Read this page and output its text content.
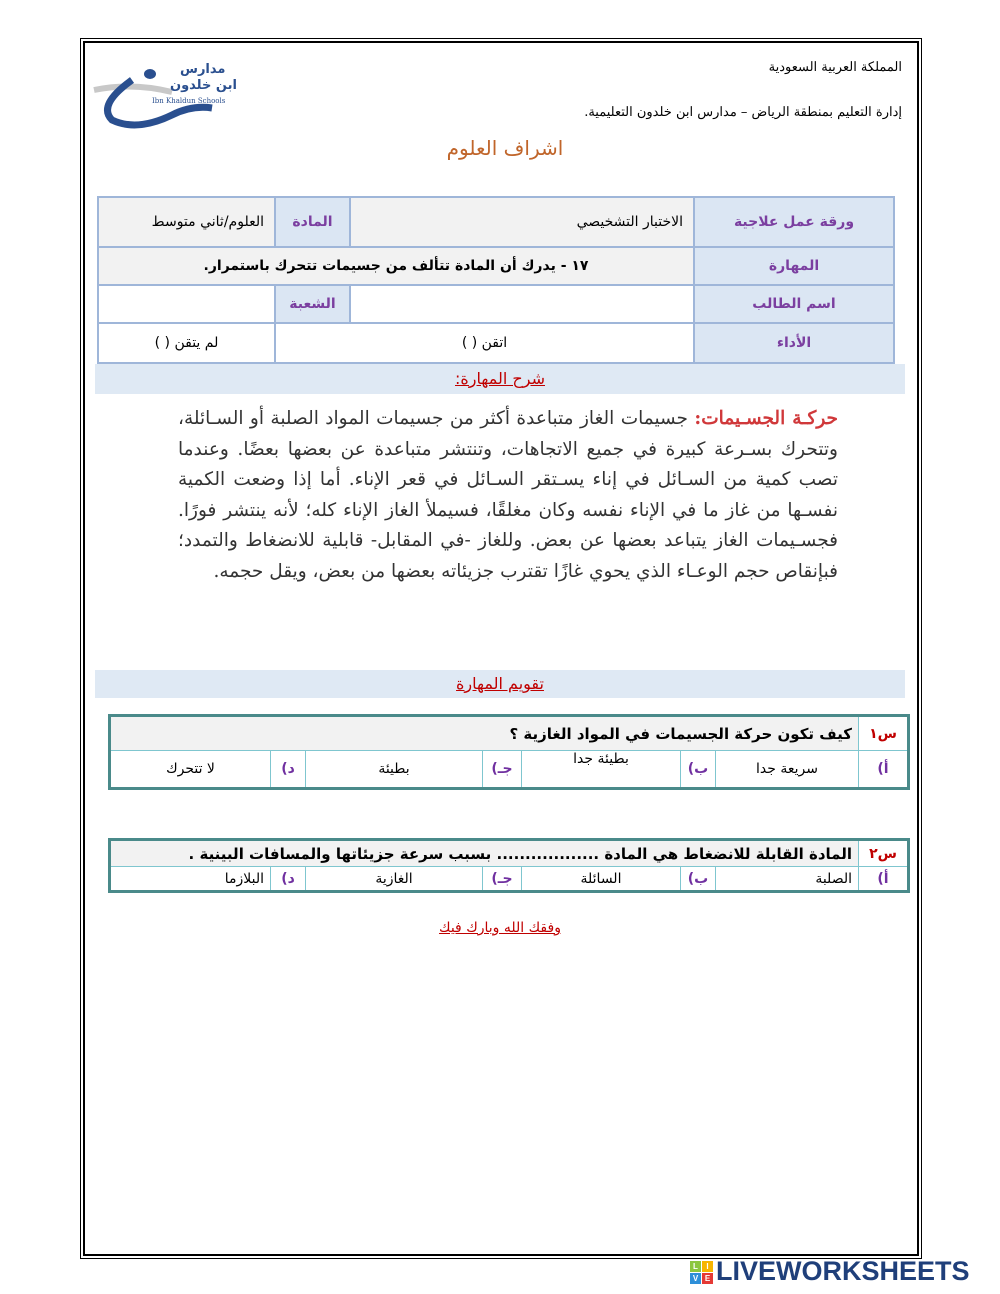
المملكة العربية السعودية
إدارة التعليم بمنطقة الرياض – مدارس ابن خلدون التعليمية.
مدارس
ابن خلدون
Ibn Khaldun Schools
اشراف العلوم
ورقة عمل علاجية	الاختبار التشخيصي	المادة	العلوم/ثاني متوسط
المهارة	١٧ - يدرك أن المادة تتألف من جسيمات تتحرك باستمرار.		
اسم الطالب		الشعبة	
الأداء	اتقن ( )		لم يتقن ( )
شرح المهارة:
حركـة الجسـيمات: جسيمات الغاز متباعدة أكثر من جسيمات المواد الصلبة أو السـائلة، وتتحرك بسـرعة كبيرة في جميع الاتجاهات، وتنتشر متباعدة عن بعضها بعضًا. وعندما تصب كمية من السـائل في إناء يسـتقر السـائل في قعر الإناء. أما إذا وضعت الكمية نفسـها من غاز ما في الإناء نفسه وكان مغلقًا، فسيملأ الغاز الإناء كله؛ لأنه ينتشر فورًا. فجسـيمات الغاز يتباعد بعضها عن بعض. وللغاز -في المقابل- قابلية للانضغاط والتمدد؛ فبإنقاص حجم الوعـاء الذي يحوي غازًا تقترب جزيئاته بعضها من بعض، ويقل حجمه.
تقويم المهارة
س١	كيف تكون حركة الجسيمات في المواد الغازية ؟						
أ)	سريعة جدا	ب)	بطيئة جدا	جـ)	بطيئة	د)	لا تتحرك
س٢	المادة القابلة للانضغاط هي المادة .................. بسبب سرعة جزيئاتها والمسافات البينية .						
أ)	الصلبة	ب)	السائلة	جـ)	الغازية	د)	البلازما
وفقك الله وبارك فيك
L	I
V E LIVEWORKSHEETS
